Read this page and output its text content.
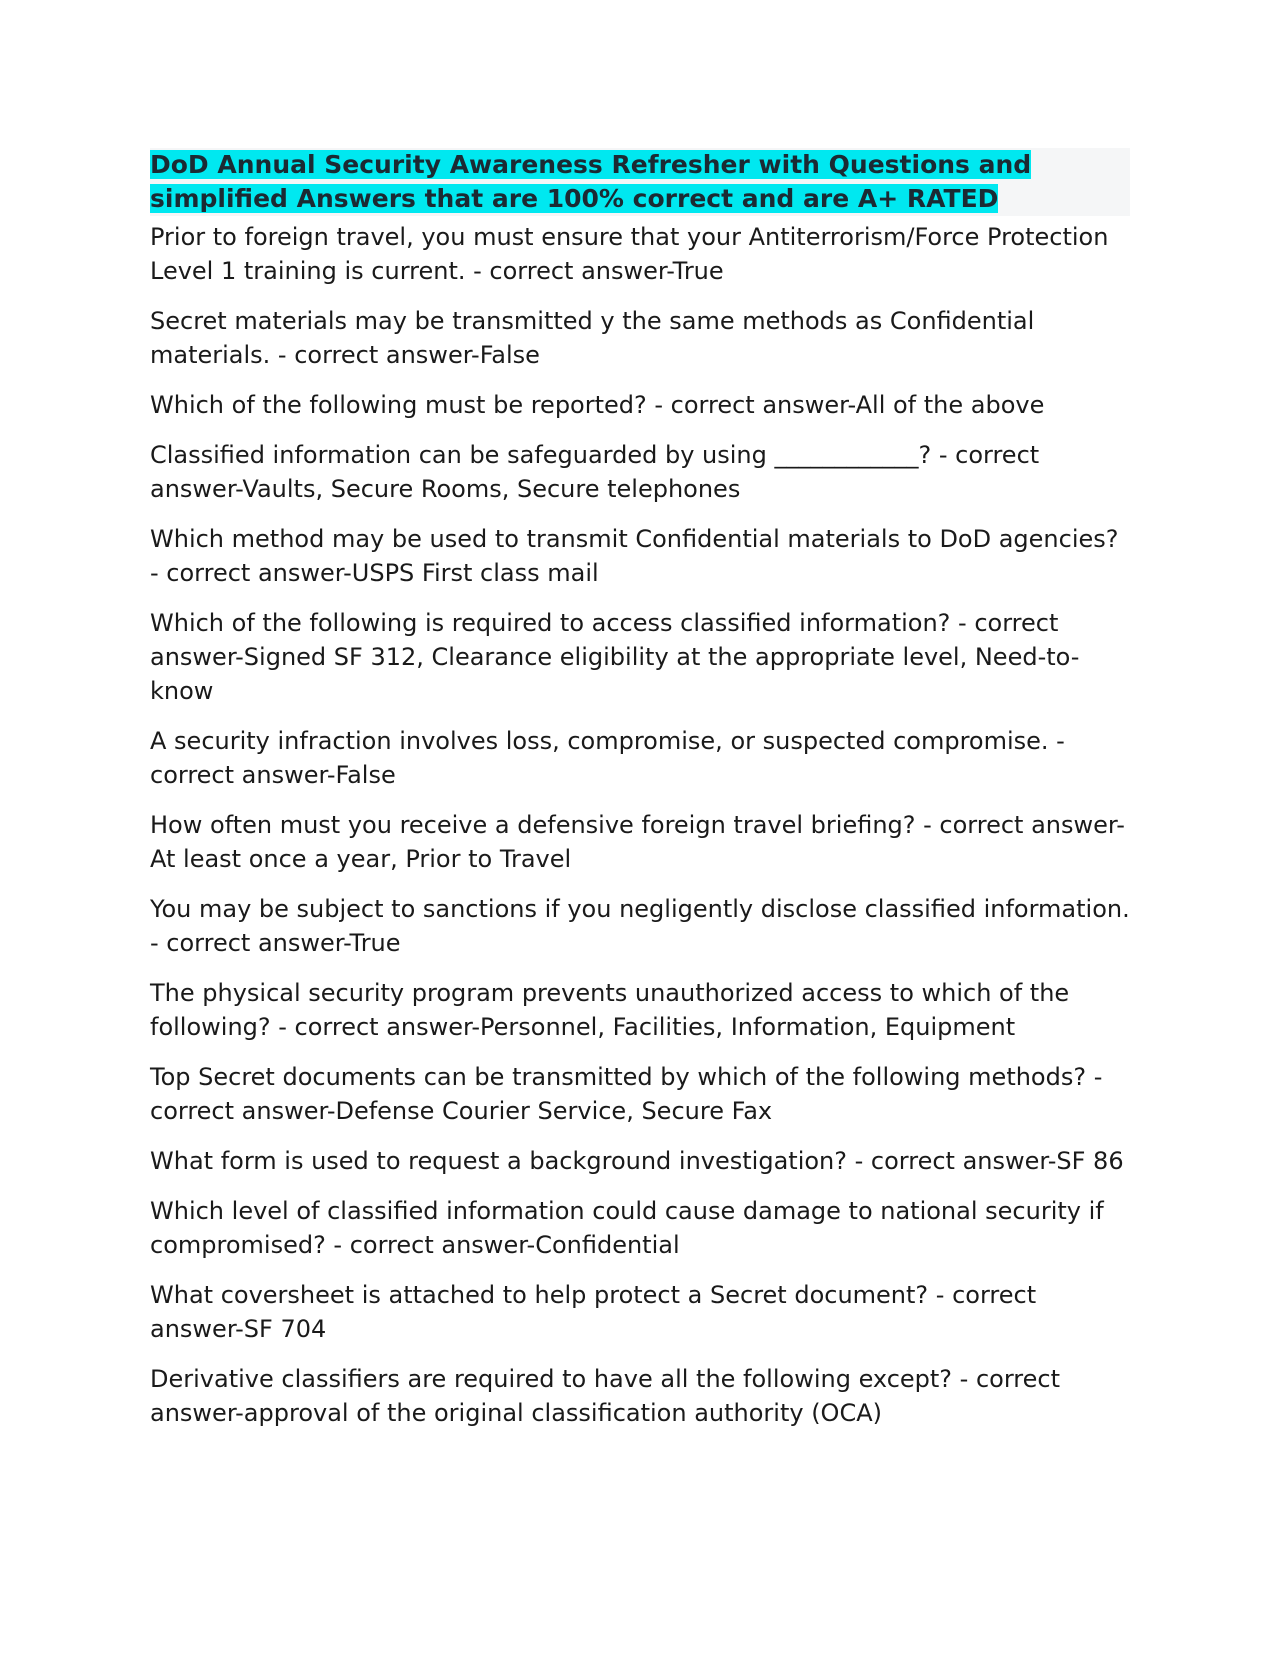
DoD Annual Security Awareness Refresher with Questions and simplified Answers that are 100% correct and are A+ RATED

Prior to foreign travel, you must ensure that your Antiterrorism/Force Protection Level 1 training is current. - correct answer-True

Secret materials may be transmitted y the same methods as Confidential materials. - correct answer-False

Which of the following must be reported? - correct answer-All of the above

Classified information can be safeguarded by using ____________? - correct answer-Vaults, Secure Rooms, Secure telephones

Which method may be used to transmit Confidential materials to DoD agencies? - correct answer-USPS First class mail

Which of the following is required to access classified information? - correct answer-Signed SF 312, Clearance eligibility at the appropriate level, Need-to-know

A security infraction involves loss, compromise, or suspected compromise. - correct answer-False

How often must you receive a defensive foreign travel briefing? - correct answer-At least once a year, Prior to Travel

You may be subject to sanctions if you negligently disclose classified information. - correct answer-True

The physical security program prevents unauthorized access to which of the following? - correct answer-Personnel, Facilities, Information, Equipment

Top Secret documents can be transmitted by which of the following methods? - correct answer-Defense Courier Service, Secure Fax

What form is used to request a background investigation? - correct answer-SF 86

Which level of classified information could cause damage to national security if compromised? - correct answer-Confidential

What coversheet is attached to help protect a Secret document? - correct answer-SF 704

Derivative classifiers are required to have all the following except? - correct answer-approval of the original classification authority (OCA)
